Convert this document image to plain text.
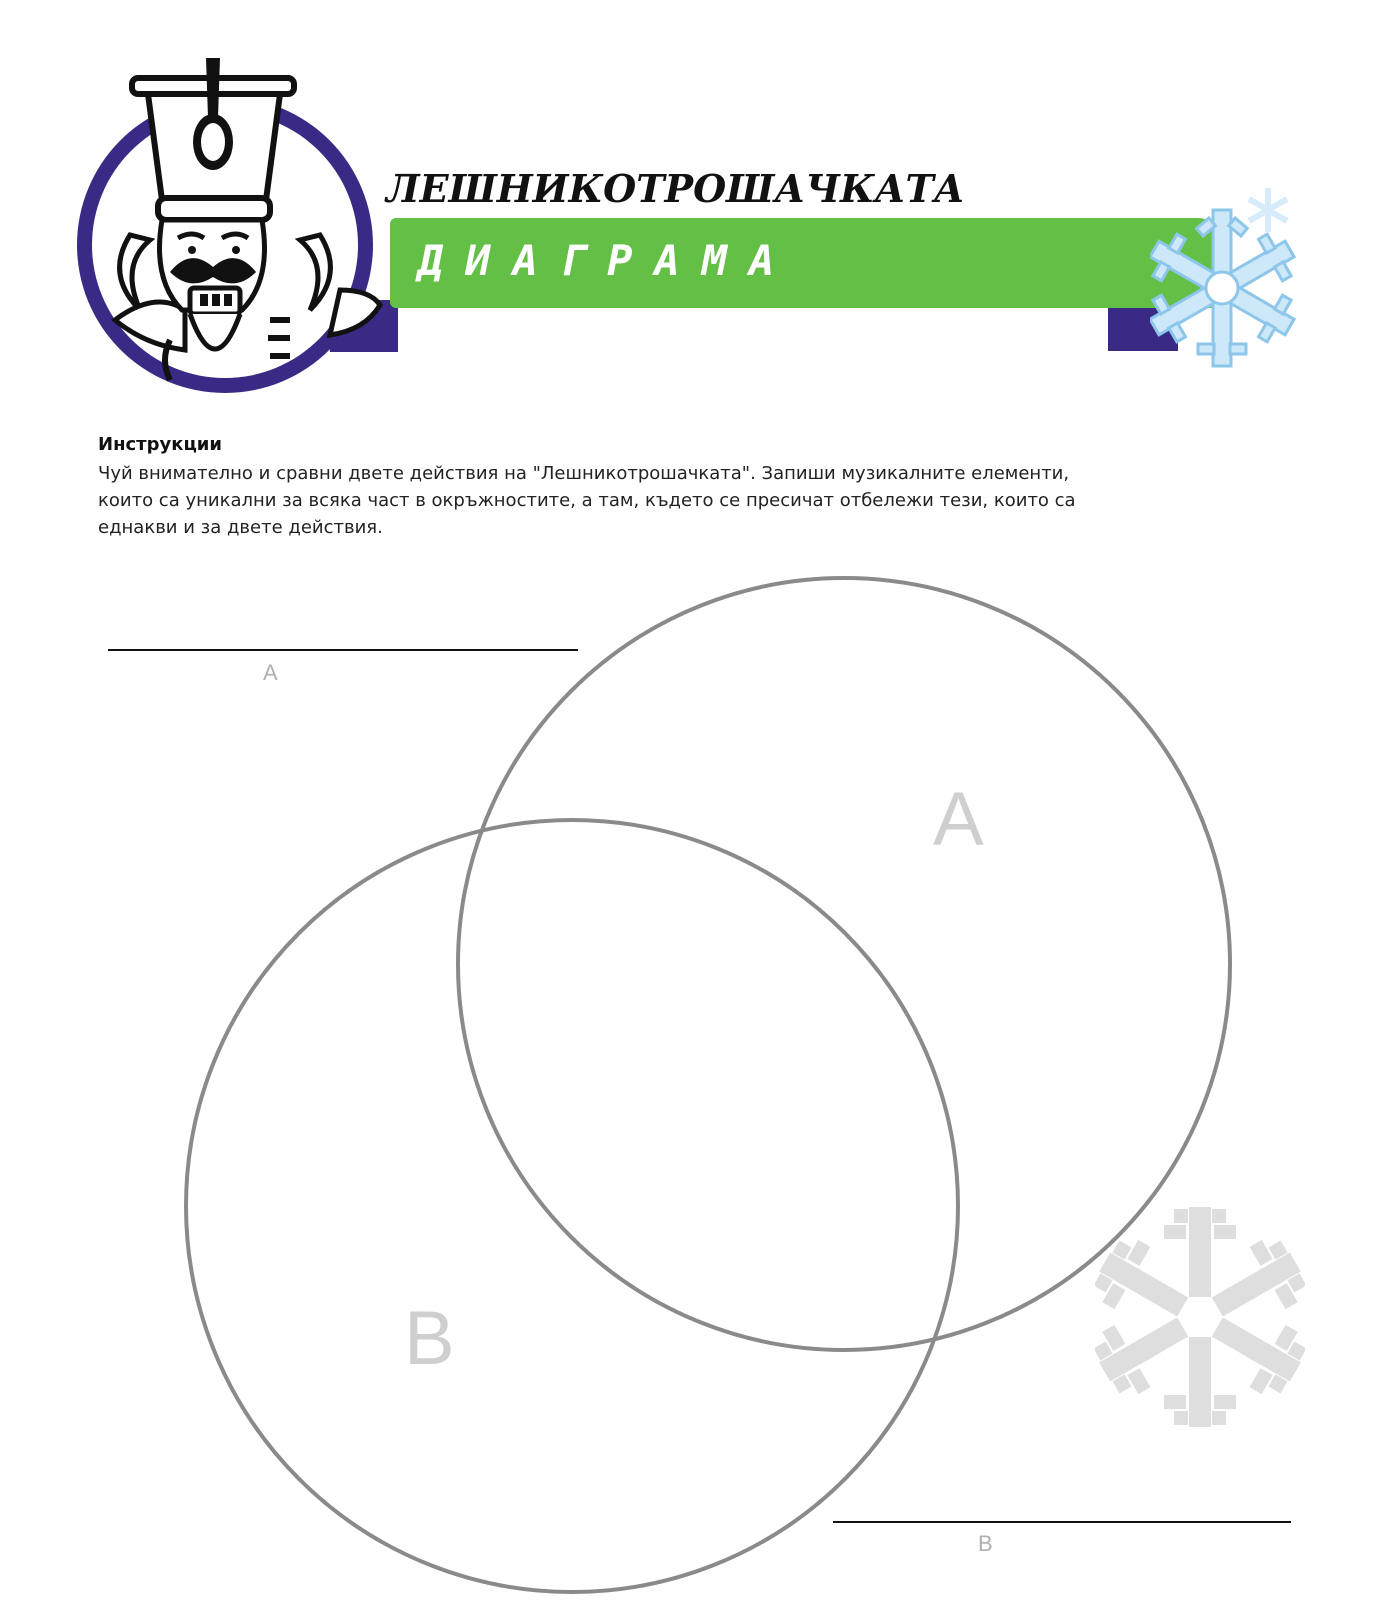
ЛЕШНИКОТРОШАЧКАТА
ДИАГРАМА
Инструкции

Чуй внимателно и сравни двете действия на "Лешникотрошачката". Запиши музикалните елементи, които са уникални за всяка част в окръжностите, а там, където се пресичат отбележи тези, които са еднакви и за двете действия.

A
A
B
B
